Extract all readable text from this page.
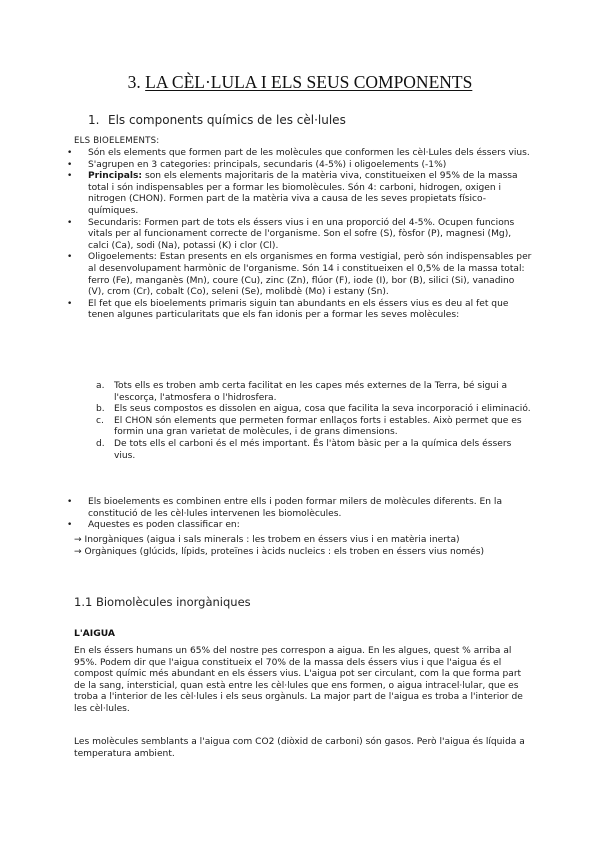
3. LA CÈL·LULA I ELS SEUS COMPONENTS
1. Els components químics de les cèl·lules
ELS BIOELEMENTS:
• Són els elements que formen part de les molècules que conformen les cèl·Lules dels éssers vius.
• S'agrupen en 3 categories: principals, secundaris (4-5%) i oligoelements (-1%)
• Principals: son els elements majoritaris de la matèria viva, constitueixen el 95% de la massa total i són indispensables per a formar les biomolècules. Són 4: carboni, hidrogen, oxigen i nitrogen (CHON). Formen part de la matèria viva a causa de les seves propietats físico-químiques.
• Secundaris: Formen part de tots els éssers vius i en una proporció del 4-5%. Ocupen funcions vitals per al funcionament correcte de l'organisme. Son el sofre (S), fòsfor (P), magnesi (Mg), calci (Ca), sodi (Na), potassi (K) i clor (Cl).
• Oligoelements: Estan presents en els organismes en forma vestigial, però són indispensables per al desenvolupament harmònic de l'organisme. Són 14 i constitueixen el 0,5% de la massa total: ferro (Fe), manganès (Mn), coure (Cu), zinc (Zn), flúor (F), iode (I), bor (B), silici (Si), vanadino (V), crom (Cr), cobalt (Co), seleni (Se), molibdè (Mo) i estany (Sn).
• El fet que els bioelements primaris siguin tan abundants en els éssers vius es deu al fet que tenen algunes particularitats que els fan idonis per a formar les seves molècules:
a. Tots ells es troben amb certa facilitat en les capes més externes de la Terra, bé sigui a l'escorça, l'atmosfera o l'hidrosfera.
b. Els seus compostos es dissolen en aigua, cosa que facilita la seva incorporació i eliminació.
c. El CHON són elements que permeten formar enllaços forts i estables. Això permet que es formin una gran varietat de molècules, i de grans dimensions.
d. De tots ells el carboni és el més important. És l'àtom bàsic per a la química dels éssers vius.
• Els bioelements es combinen entre ells i poden formar milers de molècules diferents. En la constitució de les cèl·lules intervenen les biomolècules.
• Aquestes es poden classificar en:
→ Inorgàniques (aigua i sals minerals : les trobem en éssers vius i en matèria inerta)
→ Orgàniques (glúcids, lípids, proteïnes i àcids nucleics : els troben en éssers vius només)
1.1 Biomolècules inorgàniques
L'AIGUA
En els éssers humans un 65% del nostre pes correspon a aigua. En les algues, quest % arriba al 95%. Podem dir que l'aigua constitueix el 70% de la massa dels éssers vius i que l'aigua és el compost químic més abundant en els éssers vius. L'aigua pot ser circulant, com la que forma part de la sang, intersticial, quan està entre les cèl·lules que ens formen, o aigua intracel·lular, que es troba a l'interior de les cèl·lules i els seus orgànuls. La major part de l'aigua es troba a l'interior de les cèl·lules.
Les molècules semblants a l'aigua com CO2 (diòxid de carboni) són gasos. Però l'aigua és líquida a temperatura ambient.
